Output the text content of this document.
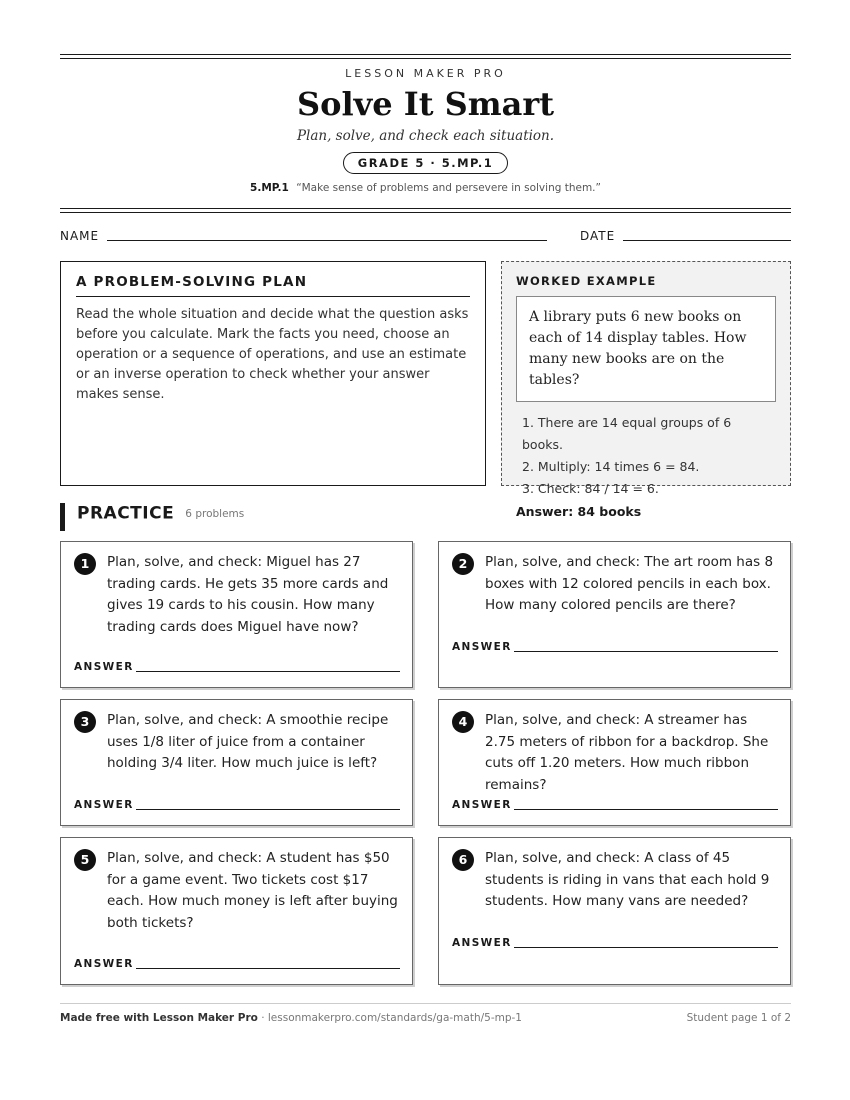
LESSON MAKER PRO
Solve It Smart
Plan, solve, and check each situation.
GRADE 5 · 5.MP.1
5.MP.1 “Make sense of problems and persevere in solving them.”
NAME	DATE
A PROBLEM-SOLVING PLAN
Read the whole situation and decide what the question asks before you calculate. Mark the facts you need, choose an operation or a sequence of operations, and use an estimate or an inverse operation to check whether your answer makes sense.
WORKED EXAMPLE
A library puts 6 new books on each of 14 display tables. How many new books are on the tables?
1. There are 14 equal groups of 6 books.
2. Multiply: 14 times 6 = 84.
3. Check: 84 / 14 = 6.
Answer: 84 books
PRACTICE 6 problems
1	Plan, solve, and check: Miguel has 27 trading cards. He gets 35 more cards and gives 19 cards to his cousin. How many trading cards does Miguel have now?
ANSWER
2	Plan, solve, and check: The art room has 8 boxes with 12 colored pencils in each box. How many colored pencils are there?
ANSWER
3	Plan, solve, and check: A smoothie recipe uses 1/8 liter of juice from a container holding 3/4 liter. How much juice is left?
ANSWER
4	Plan, solve, and check: A streamer has 2.75 meters of ribbon for a backdrop. She cuts off 1.20 meters. How much ribbon remains?
ANSWER
5	Plan, solve, and check: A student has $50 for a game event. Two tickets cost $17 each. How much money is left after buying both tickets?
ANSWER
6	Plan, solve, and check: A class of 45 students is riding in vans that each hold 9 students. How many vans are needed?
ANSWER
Made free with Lesson Maker Pro · lessonmakerpro.com/standards/ga-math/5-mp-1	Student page 1 of 2
